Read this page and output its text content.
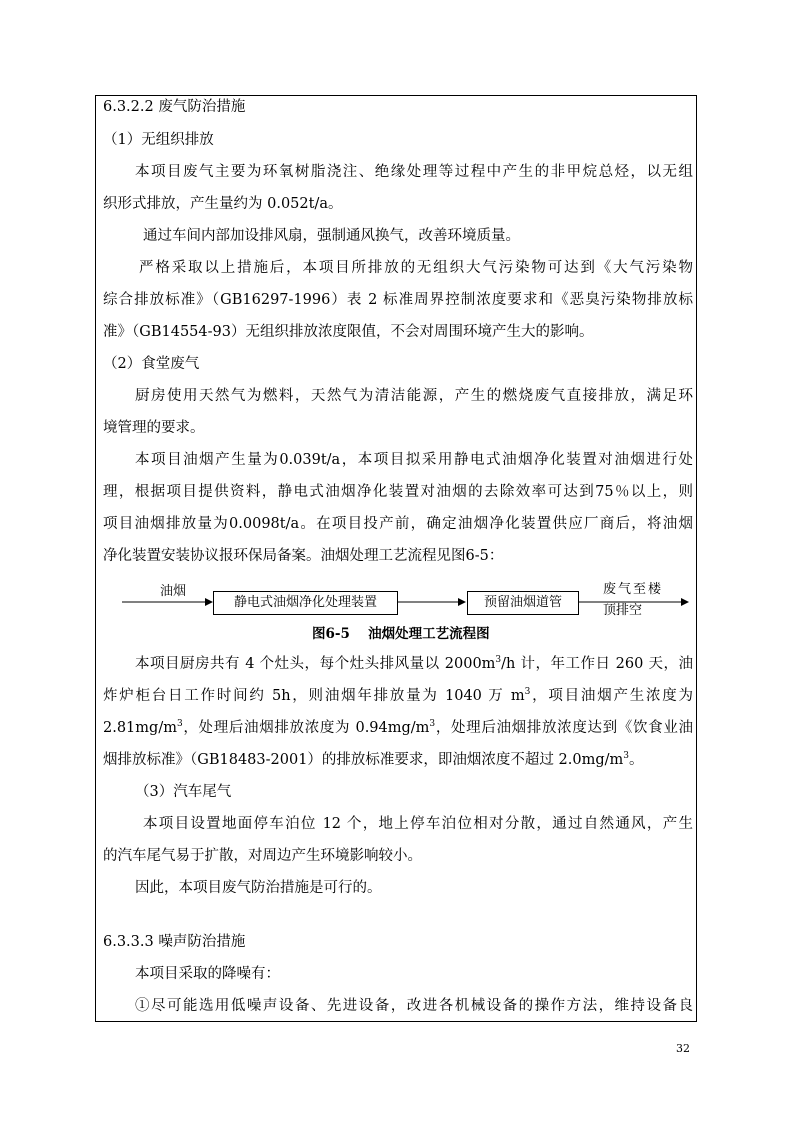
6.3.2.2 废气防治措施
（1）无组织排放
本项目废气主要为环氧树脂浇注、绝缘处理等过程中产生的非甲烷总烃，以无组
织形式排放，产生量约为 0.052t/a。
通过车间内部加设排风扇，强制通风换气，改善环境质量。
严格采取以上措施后，本项目所排放的无组织大气污染物可达到《大气污染物
综合排放标准》（GB16297-1996）表 2 标准周界控制浓度要求和《恶臭污染物排放标
准》（GB14554-93）无组织排放浓度限值，不会对周围环境产生大的影响。
（2）食堂废气
厨房使用天然气为燃料，天然气为清洁能源，产生的燃烧废气直接排放，满足环
境管理的要求。
本项目油烟产生量为0.039t/a，本项目拟采用静电式油烟净化装置对油烟进行处
理，根据项目提供资料，静电式油烟净化装置对油烟的去除效率可达到75％以上，则
项目油烟排放量为0.0098t/a。在项目投产前，确定油烟净化装置供应厂商后，将油烟
净化装置安装协议报环保局备案。油烟处理工艺流程见图6-5：
油烟
静电式油烟净化处理装置	预留油烟道管
废气至楼
顶排空
图6-5　 油烟处理工艺流程图
本项目厨房共有 4 个灶头，每个灶头排风量以 $2000m^3/h$ 计，年工作日 260 天，油
炸炉柜台日工作时间约 5h，则油烟年排放量为 1040 万 $m^3$，项目油烟产生浓度为
$2.81mg/m^3$，处理后油烟排放浓度为 $0.94mg/m^3$，处理后油烟排放浓度达到《饮食业油
烟排放标准》（GB18483-2001）的排放标准要求，即油烟浓度不超过 $2.0mg/m^3$。
（3）汽车尾气
本项目设置地面停车泊位 12 个，地上停车泊位相对分散，通过自然通风，产生
的汽车尾气易于扩散，对周边产生环境影响较小。
因此，本项目废气防治措施是可行的。
6.3.3.3 噪声防治措施
本项目采取的降噪有：
①尽可能选用低噪声设备、先进设备，改进各机械设备的操作方法，维持设备良
32
